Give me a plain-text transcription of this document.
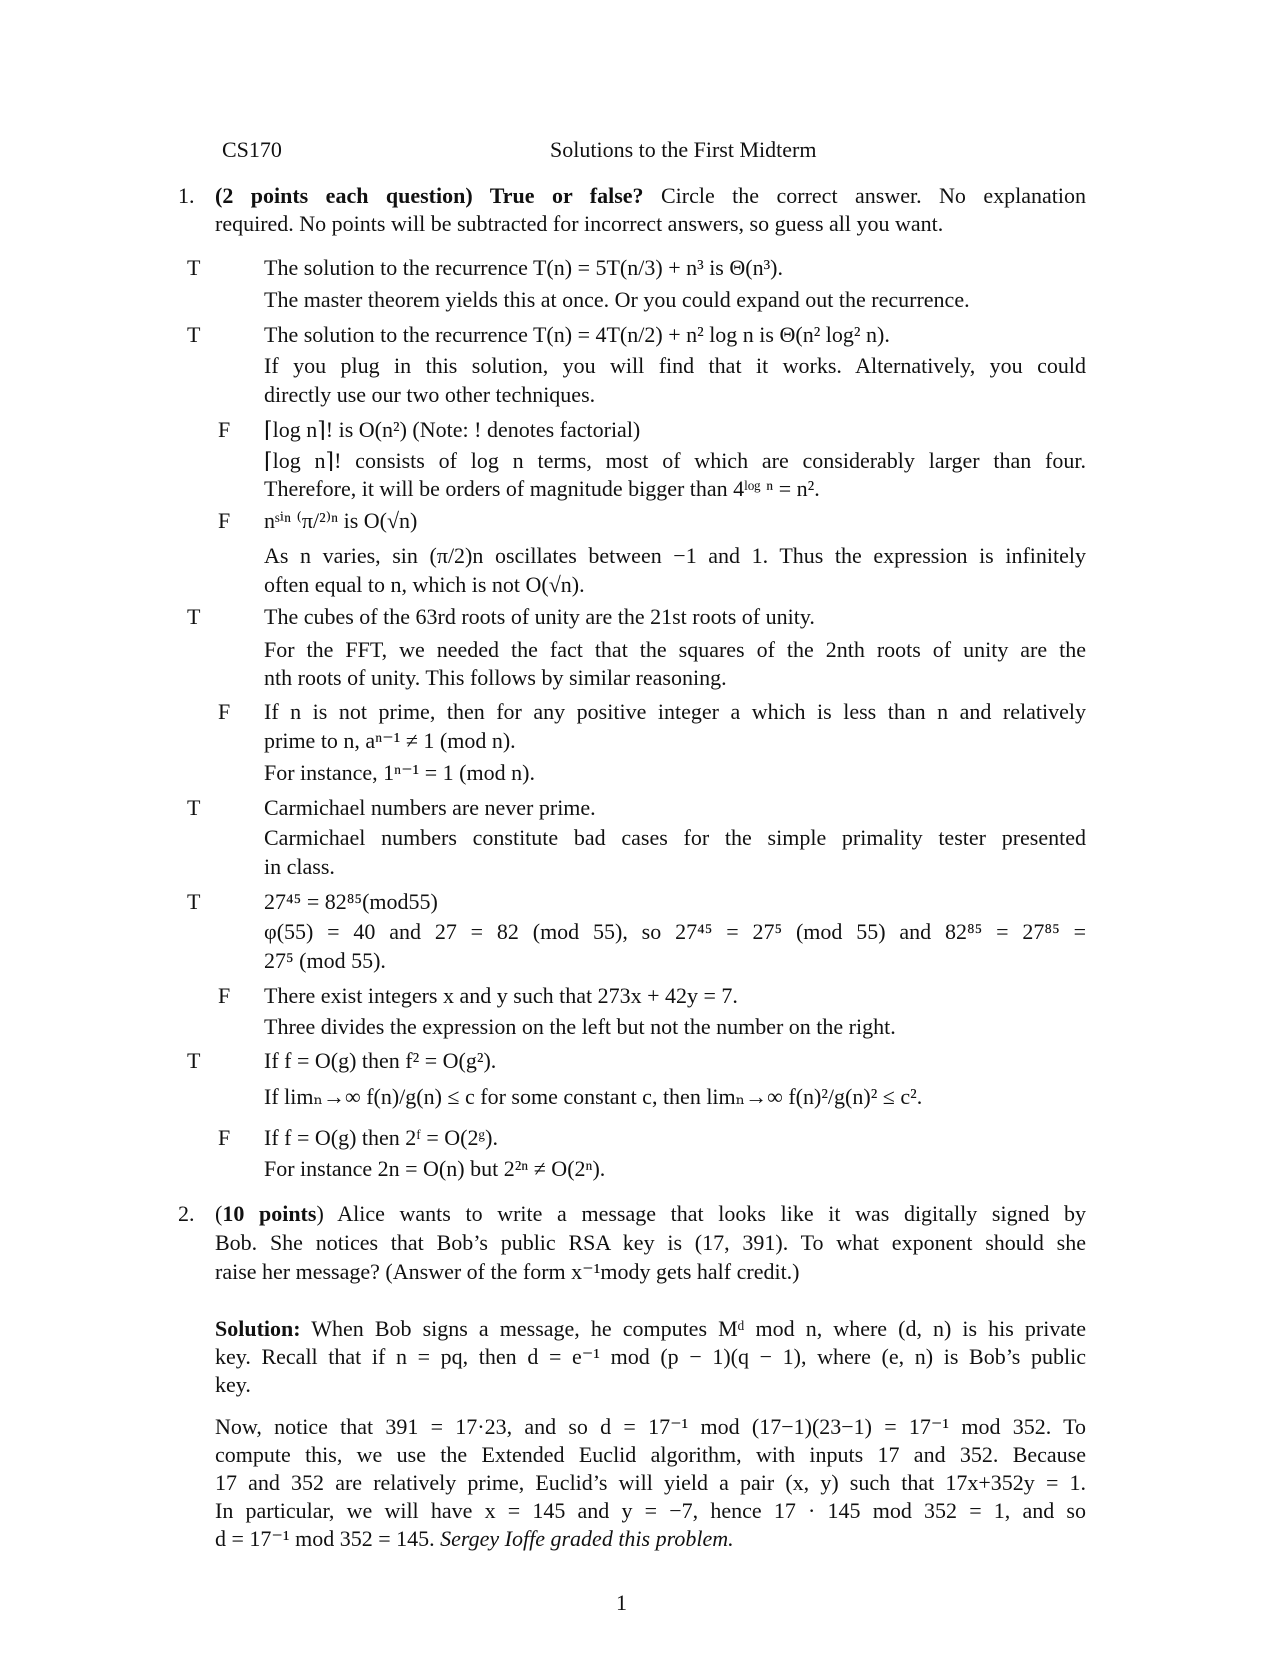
CS170	Solutions to the First Midterm
1. (2 points each question) True or false? Circle the correct answer. No explanation
required. No points will be subtracted for incorrect answers, so guess all you want.
T	The solution to the recurrence T(n) = 5T(n/3) + n³ is Θ(n³).
The master theorem yields this at once. Or you could expand out the recurrence.
T	The solution to the recurrence T(n) = 4T(n/2) + n² log n is Θ(n² log² n).
If you plug in this solution, you will find that it works. Alternatively, you could
directly use our two other techniques.
F ⌈log n⌉! is O(n²) (Note: ! denotes factorial)
⌈log n⌉! consists of log n terms, most of which are considerably larger than four.
Therefore, it will be orders of magnitude bigger than 4ˡᵒᵍ ⁿ = n².
F nˢⁱⁿ ⁽π/²⁾ⁿ is O(√n)
As n varies, sin (π/2)n oscillates between −1 and 1. Thus the expression is infinitely
often equal to n, which is not O(√n).
T	The cubes of the 63rd roots of unity are the 21st roots of unity.
For the FFT, we needed the fact that the squares of the 2nth roots of unity are the
nth roots of unity. This follows by similar reasoning.
F If n is not prime, then for any positive integer a which is less than n and relatively
prime to n, aⁿ⁻¹ ≠ 1 (mod n).
For instance, 1ⁿ⁻¹ = 1 (mod n).
T	Carmichael numbers are never prime.
Carmichael numbers constitute bad cases for the simple primality tester presented
in class.
T	27⁴⁵ = 82⁸⁵(mod55)
φ(55) = 40 and 27 = 82 (mod 55), so 27⁴⁵ = 27⁵ (mod 55) and 82⁸⁵ = 27⁸⁵ =
27⁵ (mod 55).
F There exist integers x and y such that 273x + 42y = 7.
Three divides the expression on the left but not the number on the right.
T	If f = O(g) then f² = O(g²).
If limₙ→∞ f(n)/g(n) ≤ c for some constant c, then limₙ→∞ f(n)²/g(n)² ≤ c².
F If f = O(g) then 2ᶠ = O(2ᵍ).
For instance 2n = O(n) but 2²ⁿ ≠ O(2ⁿ).
2. (10 points) Alice wants to write a message that looks like it was digitally signed by
Bob. She notices that Bob’s public RSA key is (17, 391). To what exponent should she
raise her message? (Answer of the form x⁻¹mody gets half credit.)
Solution: When Bob signs a message, he computes Mᵈ mod n, where (d, n) is his private
key. Recall that if n = pq, then d = e⁻¹ mod (p − 1)(q − 1), where (e, n) is Bob’s public
key.
Now, notice that 391 = 17·23, and so d = 17⁻¹ mod (17−1)(23−1) = 17⁻¹ mod 352. To
compute this, we use the Extended Euclid algorithm, with inputs 17 and 352. Because
17 and 352 are relatively prime, Euclid’s will yield a pair (x, y) such that 17x+352y = 1.
In particular, we will have x = 145 and y = −7, hence 17 · 145 mod 352 = 1, and so
d = 17⁻¹ mod 352 = 145. Sergey Ioffe graded this problem.
1
